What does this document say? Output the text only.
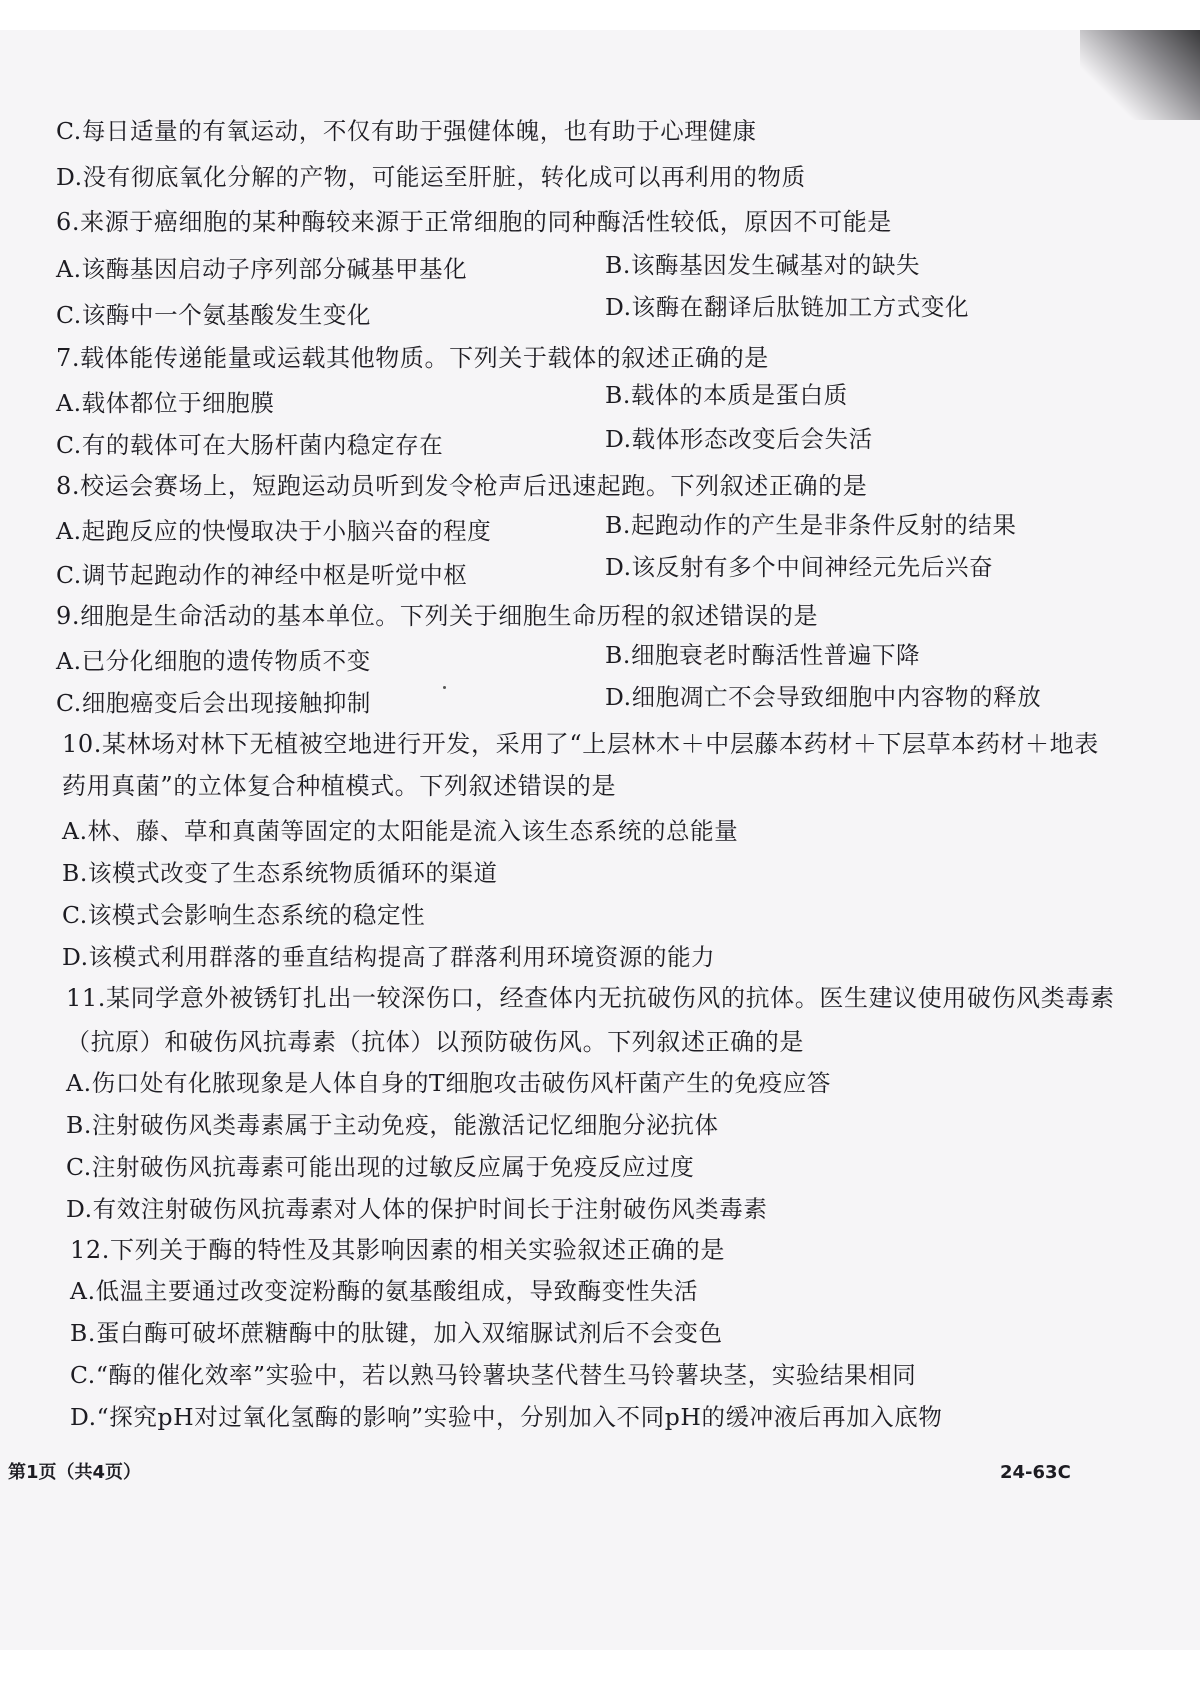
C.每日适量的有氧运动，不仅有助于强健体魄，也有助于心理健康
D.没有彻底氧化分解的产物，可能运至肝脏，转化成可以再利用的物质
6.来源于癌细胞的某种酶较来源于正常细胞的同种酶活性较低，原因不可能是
A.该酶基因启动子序列部分碱基甲基化	B.该酶基因发生碱基对的缺失
C.该酶中一个氨基酸发生变化	D.该酶在翻译后肽链加工方式变化
7.载体能传递能量或运载其他物质。下列关于载体的叙述正确的是
A.载体都位于细胞膜	B.载体的本质是蛋白质
C.有的载体可在大肠杆菌内稳定存在	D.载体形态改变后会失活
8.校运会赛场上，短跑运动员听到发令枪声后迅速起跑。下列叙述正确的是
A.起跑反应的快慢取决于小脑兴奋的程度	B.起跑动作的产生是非条件反射的结果
C.调节起跑动作的神经中枢是听觉中枢	D.该反射有多个中间神经元先后兴奋
9.细胞是生命活动的基本单位。下列关于细胞生命历程的叙述错误的是
A.已分化细胞的遗传物质不变	B.细胞衰老时酶活性普遍下降
C.细胞癌变后会出现接触抑制	D.细胞凋亡不会导致细胞中内容物的释放
10.某林场对林下无植被空地进行开发，采用了“上层林木＋中层藤本药材＋下层草本药材＋地表
药用真菌”的立体复合种植模式。下列叙述错误的是
A.林、藤、草和真菌等固定的太阳能是流入该生态系统的总能量
B.该模式改变了生态系统物质循环的渠道
C.该模式会影响生态系统的稳定性
D.该模式利用群落的垂直结构提高了群落利用环境资源的能力
11.某同学意外被锈钉扎出一较深伤口，经查体内无抗破伤风的抗体。医生建议使用破伤风类毒素
（抗原）和破伤风抗毒素（抗体）以预防破伤风。下列叙述正确的是
A.伤口处有化脓现象是人体自身的T细胞攻击破伤风杆菌产生的免疫应答
B.注射破伤风类毒素属于主动免疫，能激活记忆细胞分泌抗体
C.注射破伤风抗毒素可能出现的过敏反应属于免疫反应过度
D.有效注射破伤风抗毒素对人体的保护时间长于注射破伤风类毒素
12.下列关于酶的特性及其影响因素的相关实验叙述正确的是
A.低温主要通过改变淀粉酶的氨基酸组成，导致酶变性失活
B.蛋白酶可破坏蔗糖酶中的肽键，加入双缩脲试剂后不会变色
C.“酶的催化效率”实验中，若以熟马铃薯块茎代替生马铃薯块茎，实验结果相同
D.“探究pH对过氧化氢酶的影响”实验中，分别加入不同pH的缓冲液后再加入底物
第1页（共4页）	24-63C
